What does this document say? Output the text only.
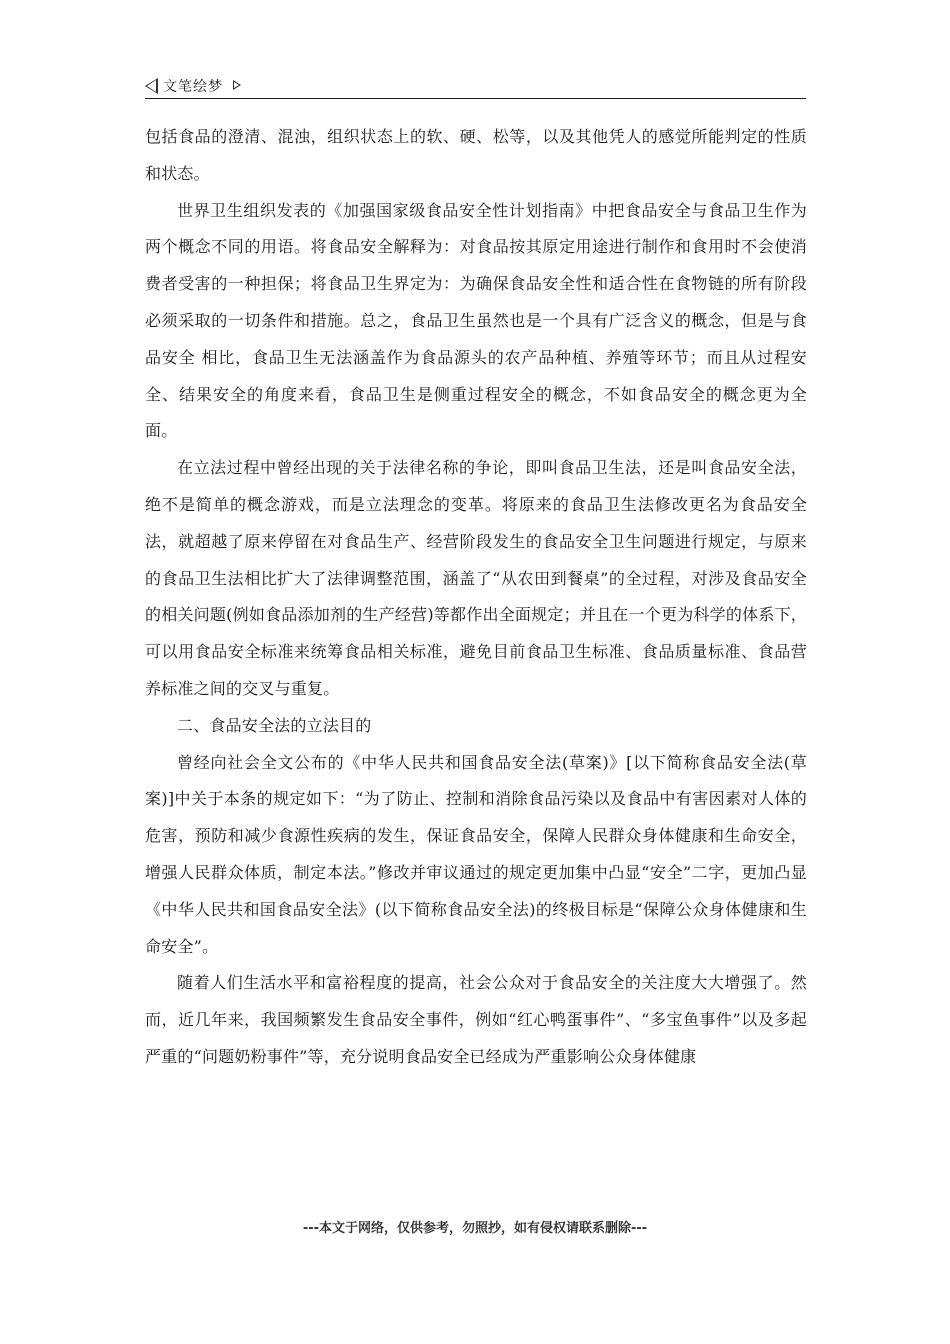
文笔绘梦

包括食品的澄清、混浊，组织状态上的软、硬、松等，以及其他凭人的感觉所能判定的性质和状态。

世界卫生组织发表的《加强国家级食品安全性计划指南》中把食品安全与食品卫生作为两个概念不同的用语。将食品安全解释为：对食品按其原定用途进行制作和食用时不会使消费者受害的一种担保；将食品卫生界定为：为确保食品安全性和适合性在食物链的所有阶段必须采取的一切条件和措施。总之，食品卫生虽然也是一个具有广泛含义的概念，但是与食品安全 相比，食品卫生无法涵盖作为食品源头的农产品种植、养殖等环节；而且从过程安全、结果安全的角度来看，食品卫生是侧重过程安全的概念，不如食品安全的概念更为全面。

在立法过程中曾经出现的关于法律名称的争论，即叫食品卫生法，还是叫食品安全法，绝不是简单的概念游戏，而是立法理念的变革。将原来的食品卫生法修改更名为食品安全法，就超越了原来停留在对食品生产、经营阶段发生的食品安全卫生问题进行规定，与原来的食品卫生法相比扩大了法律调整范围，涵盖了“从农田到餐桌”的全过程，对涉及食品安全的相关问题(例如食品添加剂的生产经营)等都作出全面规定；并且在一个更为科学的体系下，可以用食品安全标准来统筹食品相关标准，避免目前食品卫生标准、食品质量标准、食品营养标准之间的交叉与重复。

二、食品安全法的立法目的

曾经向社会全文公布的《中华人民共和国食品安全法(草案)》[以下简称食品安全法(草案)]中关于本条的规定如下：“为了防止、控制和消除食品污染以及食品中有害因素对人体的危害，预防和减少食源性疾病的发生，保证食品安全，保障人民群众身体健康和生命安全，增强人民群众体质，制定本法。”修改并审议通过的规定更加集中凸显“安全”二字，更加凸显《中华人民共和国食品安全法》(以下简称食品安全法)的终极目标是“保障公众身体健康和生命安全”。

随着人们生活水平和富裕程度的提高，社会公众对于食品安全的关注度大大增强了。然而，近几年来，我国频繁发生食品安全事件，例如“红心鸭蛋事件”、“多宝鱼事件”以及多起严重的“问题奶粉事件”等，充分说明食品安全已经成为严重影响公众身体健康

---本文于网络，仅供参考，勿照抄，如有侵权请联系删除---
